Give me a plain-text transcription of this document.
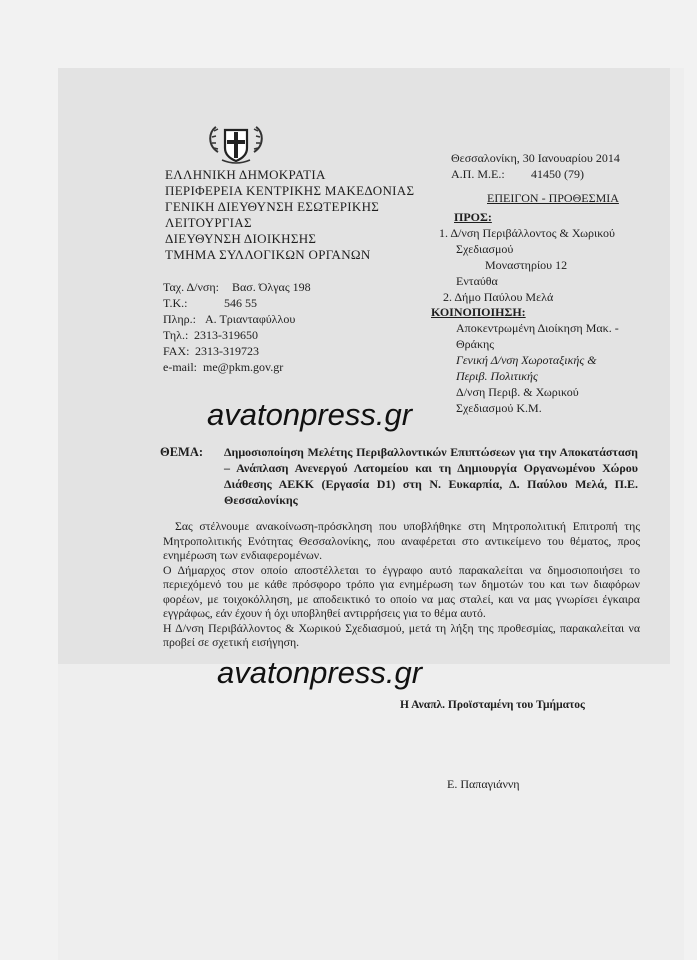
ΕΛΛΗΝΙΚΗ ΔΗΜΟΚΡΑΤΙΑ
ΠΕΡΙΦΕΡΕΙΑ ΚΕΝΤΡΙΚΗΣ ΜΑΚΕΔΟΝΙΑΣ
ΓΕΝΙΚΗ ΔΙΕΥΘΥΝΣΗ ΕΣΩΤΕΡΙΚΗΣ
ΛΕΙΤΟΥΡΓΙΑΣ
ΔΙΕΥΘΥΝΣΗ ΔΙΟΙΚΗΣΗΣ
ΤΜΗΜΑ ΣΥΛΛΟΓΙΚΩΝ ΟΡΓΑΝΩΝ
Ταχ. Δ/νση: Βασ. Όλγας 198
Τ.Κ.:	546 55
Πληρ.: Α. Τριανταφύλλου
Τηλ.: 2313-319650
FAX: 2313-319723
e-mail: me@pkm.gov.gr
Θεσσαλονίκη, 30 Ιανουαρίου 2014
Α.Π. Μ.Ε.: 41450 (79)
ΕΠΕΙΓΟΝ - ΠΡΟΘΕΣΜΙΑ
ΠΡΟΣ:
1. Δ/νση Περιβάλλοντος & Χωρικού
Σχεδιασμού
Μοναστηρίου 12
Ενταύθα
2. Δήμο Παύλου Μελά
ΚΟΙΝΟΠΟΙΗΣΗ:
Αποκεντρωμένη Διοίκηση Μακ. -
Θράκης
Γενική Δ/νση Χωροταξικής &
Περιβ. Πολιτικής
Δ/νση Περιβ. & Χωρικού
Σχεδιασμού Κ.Μ.
avatonpress.gr
avatonpress.gr
ΘΕΜΑ: Δημοσιοποίηση Μελέτης Περιβαλλοντικών Επιπτώσεων για την Αποκατάσταση – Ανάπλαση Ανενεργού Λατομείου και τη Δημιουργία Οργανωμένου Χώρου Διάθεσης ΑΕΚΚ (Εργασία D1) στη Ν. Ευκαρπία, Δ. Παύλου Μελά, Π.Ε. Θεσσαλονίκης

Σας στέλνουμε ανακοίνωση-πρόσκληση που υποβλήθηκε στη Μητροπολιτική Επιτροπή της Μητροπολιτικής Ενότητας Θεσσαλονίκης, που αναφέρεται στο αντικείμενο του θέματος, προς ενημέρωση των ενδιαφερομένων.

Ο Δήμαρχος στον οποίο αποστέλλεται το έγγραφο αυτό παρακαλείται να δημοσιοποιήσει το περιεχόμενό του με κάθε πρόσφορο τρόπο για ενημέρωση των δημοτών του και των διαφόρων φορέων, με τοιχοκόλληση, με αποδεικτικό το οποίο να μας σταλεί, και να μας γνωρίσει έγκαιρα εγγράφως, εάν έχουν ή όχι υποβληθεί αντιρρήσεις για το θέμα αυτό.

Η Δ/νση Περιβάλλοντος & Χωρικού Σχεδιασμού, μετά τη λήξη της προθεσμίας, παρακαλείται να προβεί σε σχετική εισήγηση.

Η Αναπλ. Προϊσταμένη του Τμήματος
Ε. Παπαγιάννη
